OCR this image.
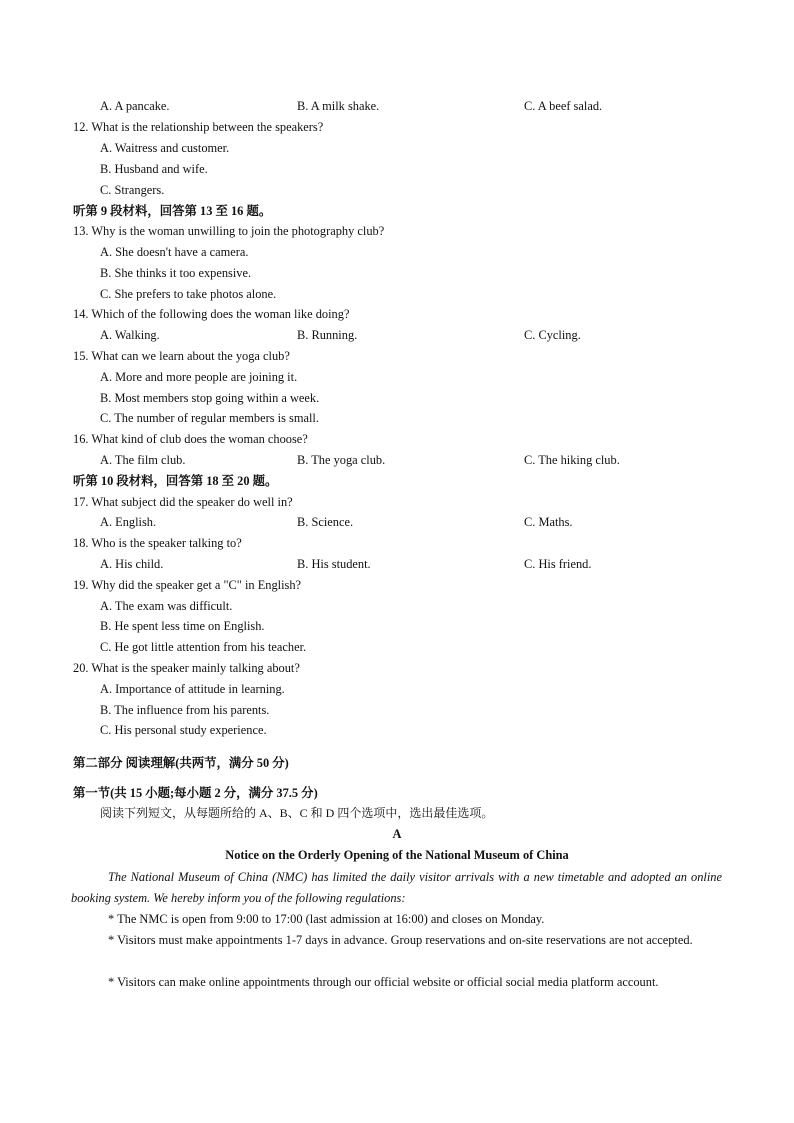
A. A pancake.	B. A milk shake.	C. A beef salad.
12. What is the relationship between the speakers?
A. Waitress and customer.
B. Husband and wife.
C. Strangers.
听第 9 段材料，回答第 13 至 16 题。
13. Why is the woman unwilling to join the photography club?
A. She doesn't have a camera.
B. She thinks it too expensive.
C. She prefers to take photos alone.
14. Which of the following does the woman like doing?
A. Walking.	B. Running.	C. Cycling.
15. What can we learn about the yoga club?
A. More and more people are joining it.
B. Most members stop going within a week.
C. The number of regular members is small.
16. What kind of club does the woman choose?
A. The film club.	B. The yoga club.	C. The hiking club.
听第 10 段材料，回答第 18 至 20 题。
17. What subject did the speaker do well in?
A. English.	B. Science.	C. Maths.
18. Who is the speaker talking to?
A. His child.	B. His student.	C. His friend.
19. Why did the speaker get a "C" in English?
A. The exam was difficult.
B. He spent less time on English.
C. He got little attention from his teacher.
20. What is the speaker mainly talking about?
A. Importance of attitude in learning.
B. The influence from his parents.
C. His personal study experience.
第二部分 阅读理解(共两节，满分 50 分)
第一节(共 15 小题;每小题 2 分，满分 37.5 分)
阅读下列短文，从每题所给的 A、B、C 和 D 四个选项中，选出最佳选项。
A
Notice on the Orderly Opening of the National Museum of China
The National Museum of China (NMC) has limited the daily visitor arrivals with a new timetable and adopted an online booking system. We hereby inform you of the following regulations:
* The NMC is open from 9:00 to 17:00 (last admission at 16:00) and closes on Monday.
* Visitors must make appointments 1-7 days in advance. Group reservations and on-site reservations are not accepted.
* Visitors can make online appointments through our official website or official social media platform account.
